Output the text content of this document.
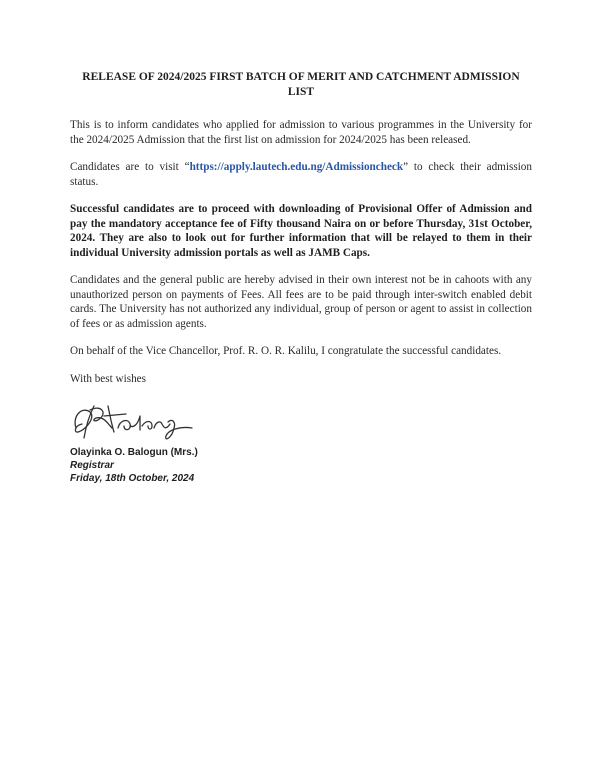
RELEASE OF 2024/2025 FIRST BATCH OF MERIT AND CATCHMENT ADMISSION LIST

This is to inform candidates who applied for admission to various programmes in the University for the 2024/2025 Admission that the first list on admission for 2024/2025 has been released.

Candidates are to visit “https://apply.lautech.edu.ng/Admissioncheck” to check their admission status.

Successful candidates are to proceed with downloading of Provisional Offer of Admission and pay the mandatory acceptance fee of Fifty thousand Naira on or before Thursday, 31st October, 2024. They are also to look out for further information that will be relayed to them in their individual University admission portals as well as JAMB Caps.

Candidates and the general public are hereby advised in their own interest not be in cahoots with any unauthorized person on payments of Fees. All fees are to be paid through inter-switch enabled debit cards. The University has not authorized any individual, group of person or agent to assist in collection of fees or as admission agents.

On behalf of the Vice Chancellor, Prof. R. O. R. Kalilu, I congratulate the successful candidates.

With best wishes
Olayinka O. Balogun (Mrs.)
Registrar
Friday, 18th October, 2024
